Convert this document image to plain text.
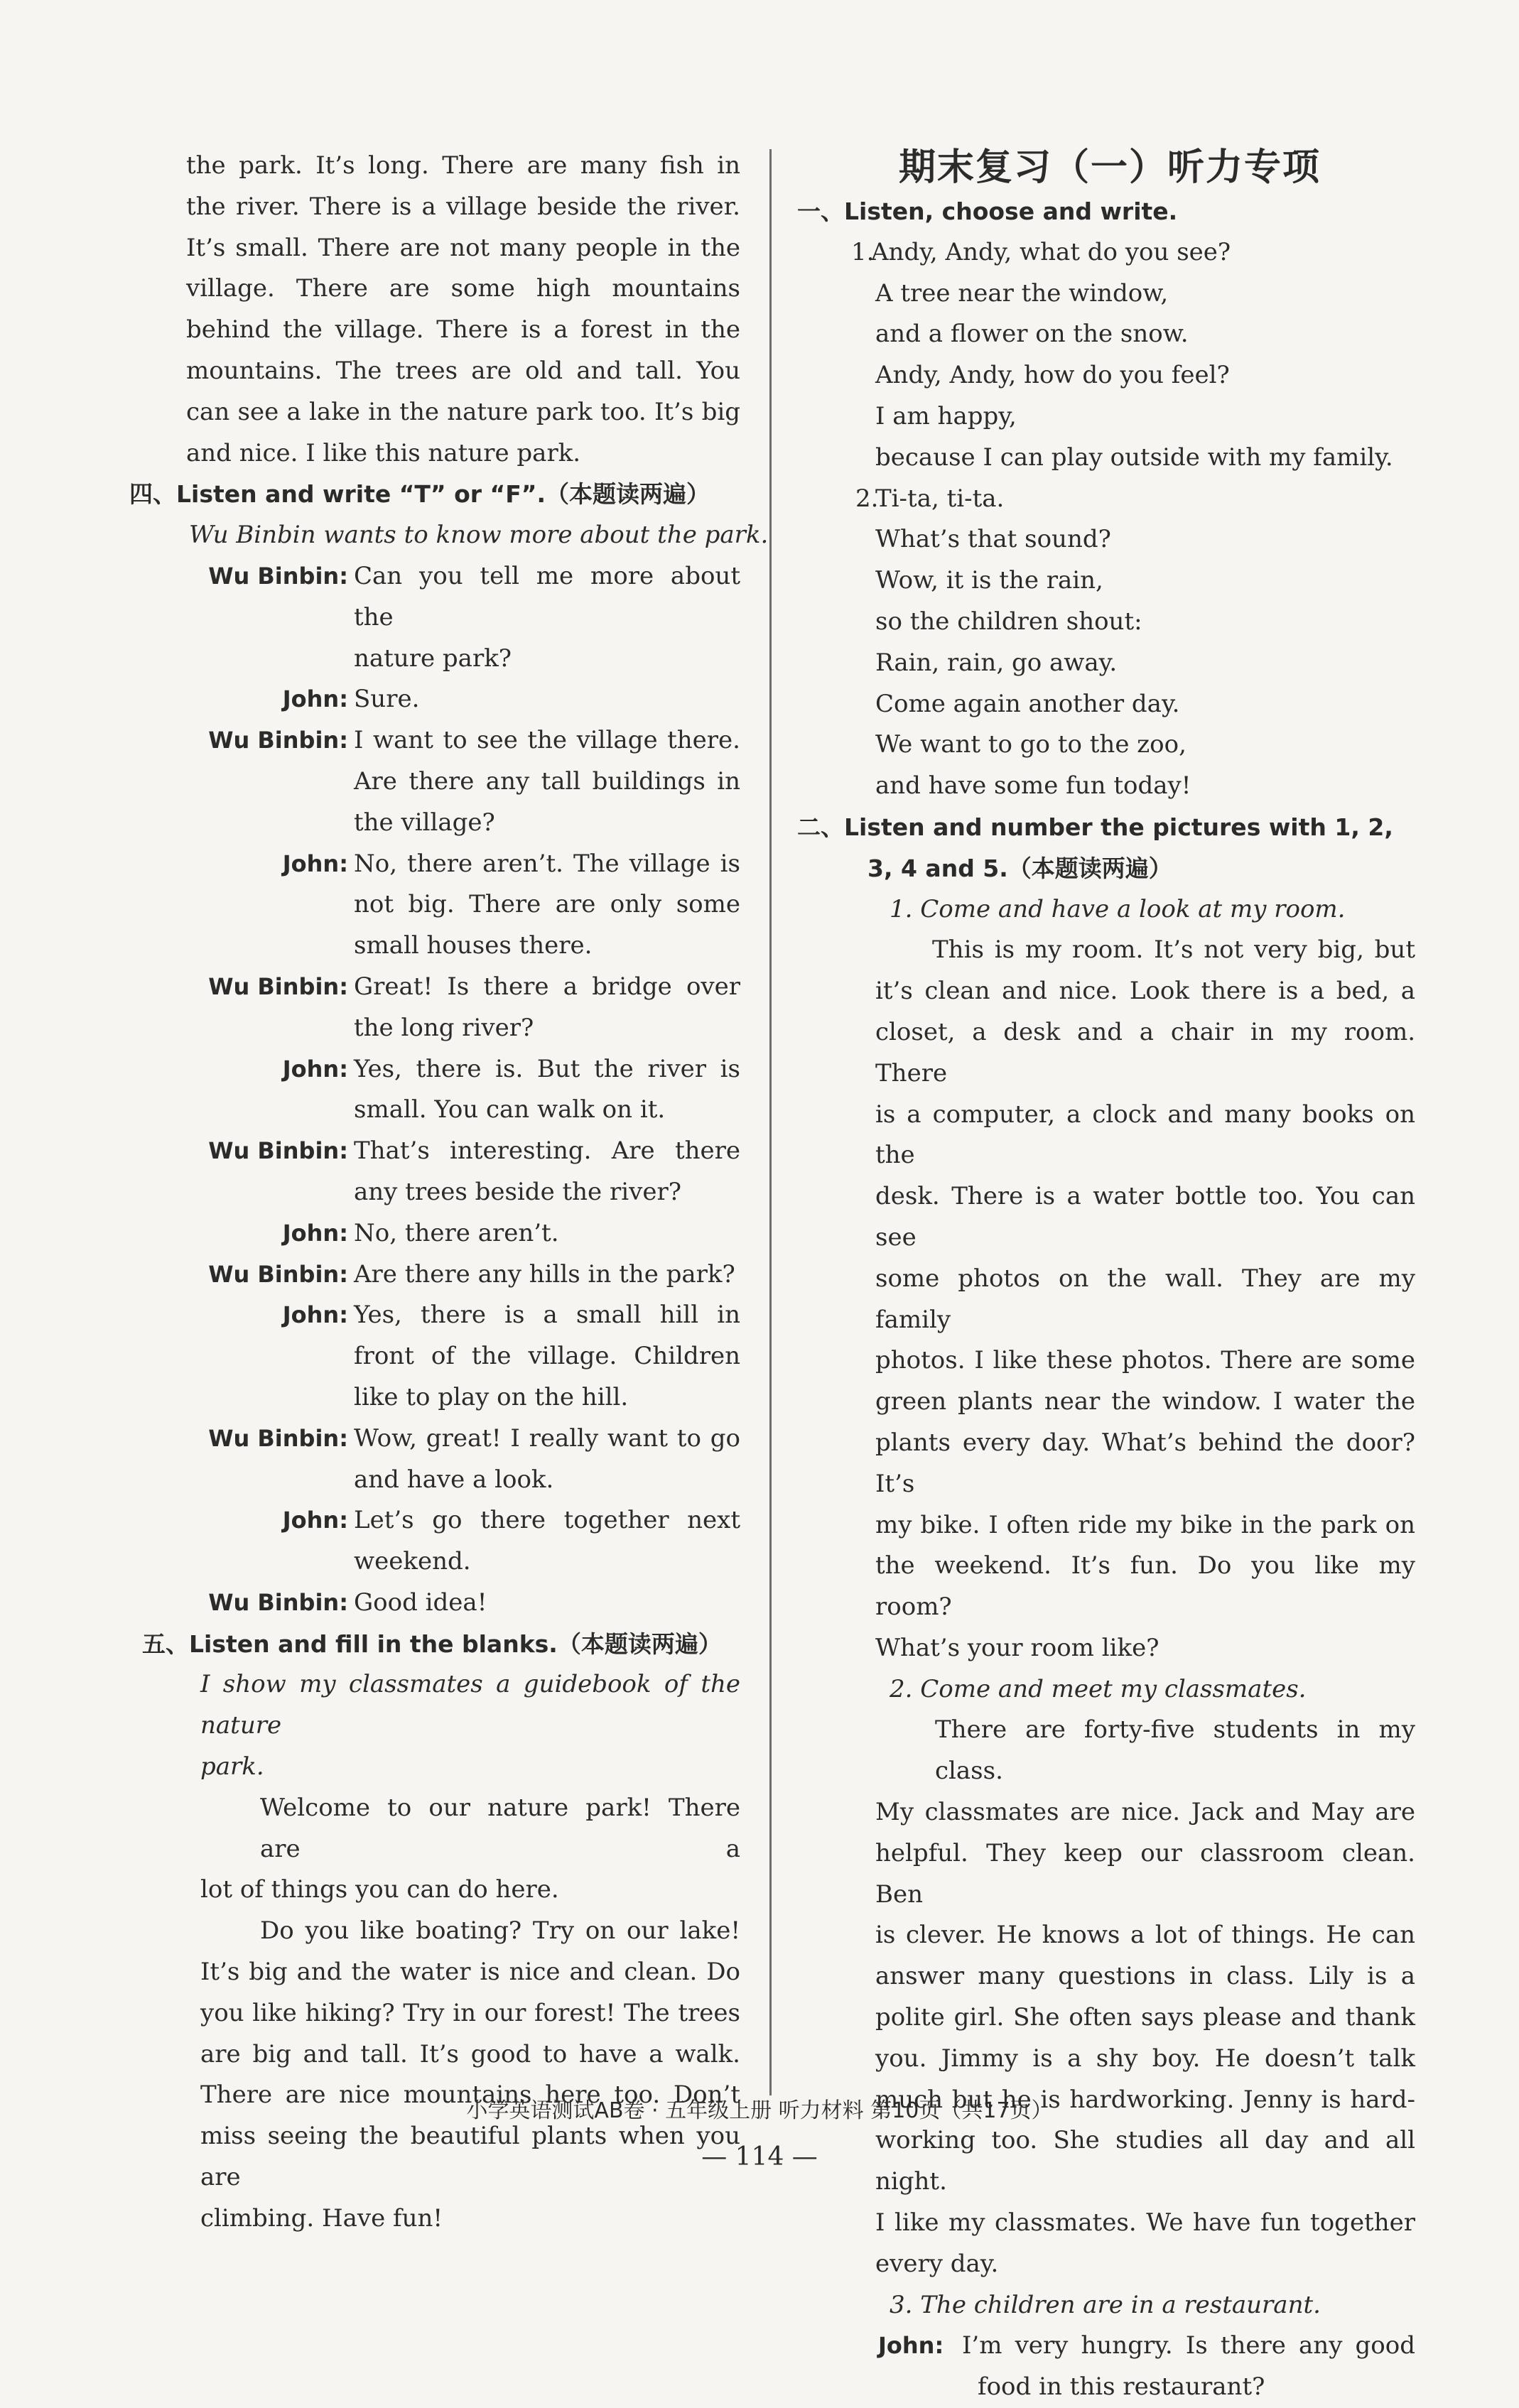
the park. It’s long. There are many fish in
the river. There is a village beside the river.
It’s small. There are not many people in the
village. There are some high mountains
behind the village. There is a forest in the
mountains. The trees are old and tall. You
can see a lake in the nature park too. It’s big
and nice. I like this nature park.
四、Listen and write “T” or “F”.（本题读两遍）
Wu Binbin wants to know more about the park.
Wu Binbin: Can you tell me more about the
nature park?
John: Sure.
Wu Binbin: I want to see the village there.
Are there any tall buildings in
the village?
John: No, there aren’t. The village is
not big. There are only some
small houses there.
Wu Binbin: Great! Is there a bridge over
the long river?
John: Yes, there is. But the river is
small. You can walk on it.
Wu Binbin: That’s interesting. Are there
any trees beside the river?
John: No, there aren’t.
Wu Binbin: Are there any hills in the park?
John: Yes, there is a small hill in
front of the village. Children
like to play on the hill.
Wu Binbin: Wow, great! I really want to go
and have a look.
John: Let’s go there together next
weekend.
Wu Binbin: Good idea!
五、Listen and fill in the blanks.（本题读两遍）
I show my classmates a guidebook of the nature
park.
Welcome to our nature park! There are a
lot of things you can do here.
Do you like boating? Try on our lake!
It’s big and the water is nice and clean. Do
you like hiking? Try in our forest! The trees
are big and tall. It’s good to have a walk.
There are nice mountains here too. Don’t
miss seeing the beautiful plants when you are
climbing. Have fun!
期末复习（一）听力专项
一、Listen, choose and write.
1.Andy, Andy, what do you see?
A tree near the window,
and a flower on the snow.
Andy, Andy, how do you feel?
I am happy,
because I can play outside with my family.
2.Ti-ta, ti-ta.
What’s that sound?
Wow, it is the rain,
so the children shout:
Rain, rain, go away.
Come again another day.
We want to go to the zoo,
and have some fun today!
二、Listen and number the pictures with 1, 2,
3, 4 and 5.（本题读两遍）
1. Come and have a look at my room.
This is my room. It’s not very big, but
it’s clean and nice. Look there is a bed, a
closet, a desk and a chair in my room. There
is a computer, a clock and many books on the
desk. There is a water bottle too. You can see
some photos on the wall. They are my family
photos. I like these photos. There are some
green plants near the window. I water the
plants every day. What’s behind the door? It’s
my bike. I often ride my bike in the park on
the weekend. It’s fun. Do you like my room?
What’s your room like?
2. Come and meet my classmates.
There are forty-five students in my class.
My classmates are nice. Jack and May are
helpful. They keep our classroom clean. Ben
is clever. He knows a lot of things. He can
answer many questions in class. Lily is a
polite girl. She often says please and thank
you. Jimmy is a shy boy. He doesn’t talk
much but he is hardworking. Jenny is hard-
working too. She studies all day and all night.
I like my classmates. We have fun together
every day.
3. The children are in a restaurant.
John: I’m very hungry. Is there any good
food in this restaurant?
小学英语测试AB卷 · 五年级上册 听力材料 第10页（共17页）
— 114 —
